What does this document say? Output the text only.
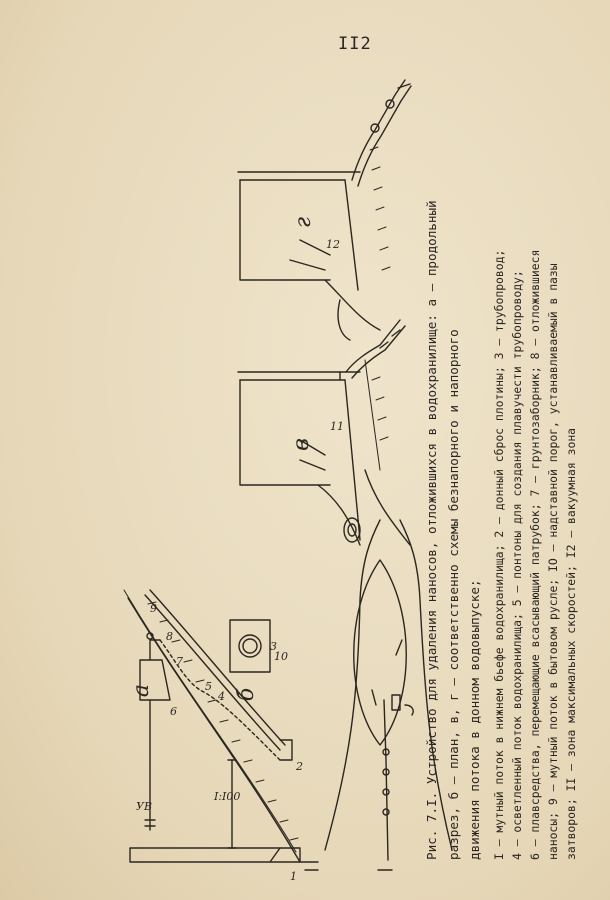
II2
1
2
3
4
5
6
7
8
9
10
11
12
УВ
I:I00
а	б
в
г	Рис. 7.I. Устройство для удаления наносов, отложившихся в водохранилище: а – продольный разрез, б – план, в, г – соответственно схемы безнапорного и напорного движения потока в донном водовыпуске; I – мутный поток в нижнем бьефе водохранилища; 2 – донный сброс плотины; 3 – трубопровод; 4 – осветленный поток водохранилища; 5 – понтоны для создания плавучести трубопроводу; 6 – плавсредства, перемещающие всасывающий патрубок; 7 – грунтозаборник; 8 – отложившиеся наносы; 9 – мутный поток в бытовом русле; IO – надставной порог, устанавливаемый в пазы затворов; II – зона максимальных скоростей; I2 – вакуумная зона
